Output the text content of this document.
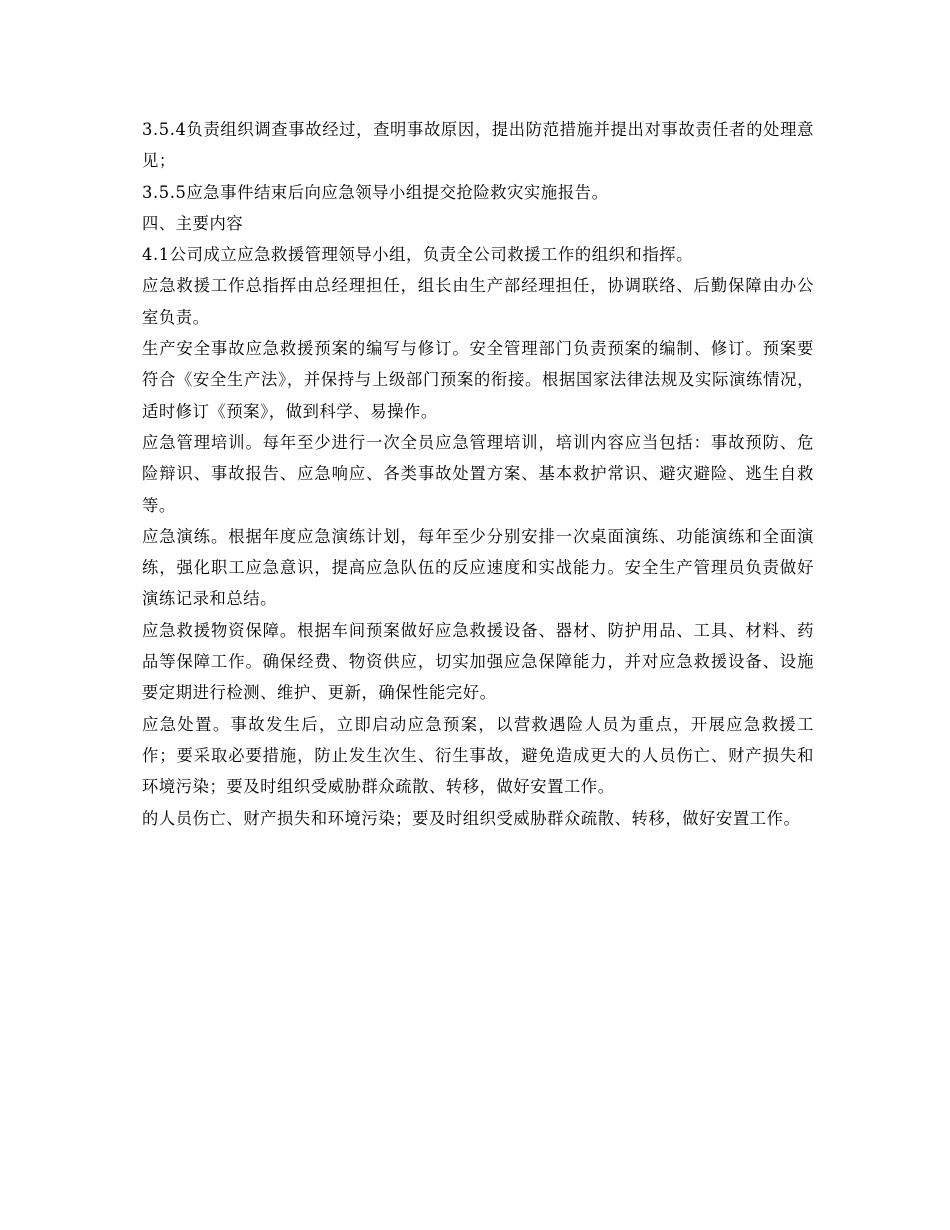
3.5.4负责组织调查事故经过，查明事故原因，提出防范措施并提出对事故责任者的处理意见；

3.5.5应急事件结束后向应急领导小组提交抢险救灾实施报告。

四、主要内容

4.1公司成立应急救援管理领导小组，负责全公司救援工作的组织和指挥。

应急救援工作总指挥由总经理担任，组长由生产部经理担任，协调联络、后勤保障由办公室负责。

生产安全事故应急救援预案的编写与修订。安全管理部门负责预案的编制、修订。预案要符合《安全生产法》，并保持与上级部门预案的衔接。根据国家法律法规及实际演练情况，适时修订《预案》，做到科学、易操作。

应急管理培训。每年至少进行一次全员应急管理培训，培训内容应当包括：事故预防、危险辩识、事故报告、应急响应、各类事故处置方案、基本救护常识、避灾避险、逃生自救等。

应急演练。根据年度应急演练计划，每年至少分别安排一次桌面演练、功能演练和全面演练，强化职工应急意识，提高应急队伍的反应速度和实战能力。安全生产管理员负责做好演练记录和总结。

应急救援物资保障。根据车间预案做好应急救援设备、器材、防护用品、工具、材料、药品等保障工作。确保经费、物资供应，切实加强应急保障能力，并对应急救援设备、设施要定期进行检测、维护、更新，确保性能完好。

应急处置。事故发生后，立即启动应急预案，以营救遇险人员为重点，开展应急救援工作；要采取必要措施，防止发生次生、衍生事故，避免造成更大的人员伤亡、财产损失和环境污染；要及时组织受威胁群众疏散、转移，做好安置工作。

的人员伤亡、财产损失和环境污染；要及时组织受威胁群众疏散、转移，做好安置工作。
